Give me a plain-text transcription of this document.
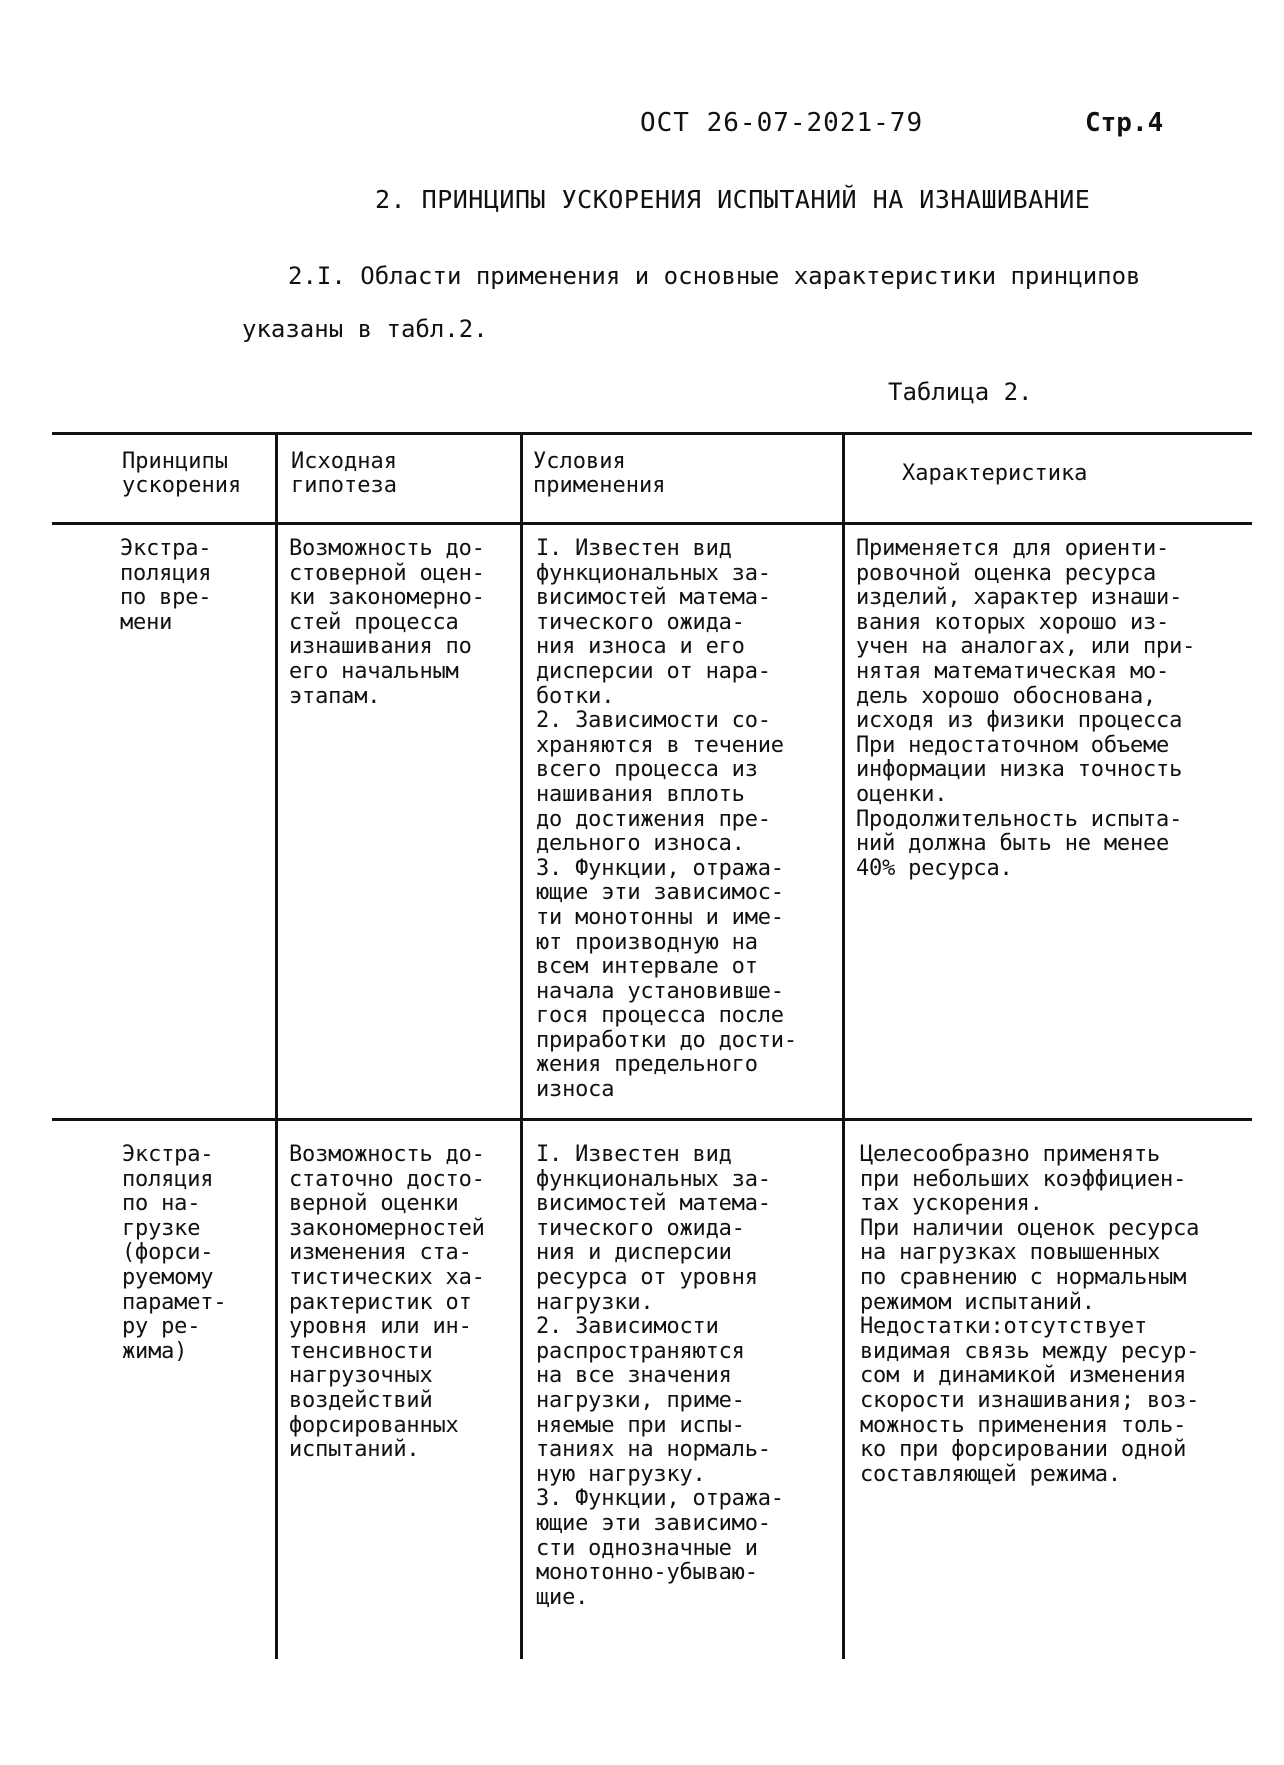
ОСТ 26-07-2021-79	Стр.4
2. ПРИНЦИПЫ УСКОРЕНИЯ ИСПЫТАНИЙ НА ИЗНАШИВАНИЕ
2.I. Области применения и основные характеристики принципов
указаны в табл.2.
Таблица 2.
Принципы
ускорения
Исходная
гипотеза
Условия
применения	Характеристика
Экстра-
поляция
по вре-
мени
Возможность до-
стоверной оцен-
ки закономерно-
стей процесса
изнашивания по
его начальным
этапам.
I. Известен вид
функциональных за-
висимостей матема-
тического ожида-
ния износа и его
дисперсии от нара-
ботки.
2. Зависимости со-
храняются в течение
всего процесса из
нашивания вплоть
до достижения пре-
дельного износа.
3. Функции, отража-
ющие эти зависимос-
ти монотонны и име-
ют производную на
всем интервале от
начала установивше-
гося процесса после
приработки до дости-
жения предельного
износа
Применяется для ориенти-
ровочной оценка ресурса
изделий, характер изнаши-
вания которых хорошо из-
учен на аналогах, или при-
нятая математическая мо-
дель хорошо обоснована,
исходя из физики процесса
При недостаточном объеме
информации низка точность
оценки.
Продолжительность испыта-
ний должна быть не менее
40% ресурса.
Экстра-
поляция
по на-
грузке
(форси-
руемому
парамет-
ру ре-
жима)
Возможность до-
статочно досто-
верной оценки
закономерностей
изменения ста-
тистических ха-
рактеристик от
уровня или ин-
тенсивности
нагрузочных
воздействий
форсированных
испытаний.
I. Известен вид
функциональных за-
висимостей матема-
тического ожида-
ния и дисперсии
ресурса от уровня
нагрузки.
2. Зависимости
распространяются
на все значения
нагрузки, приме-
няемые при испы-
таниях на нормаль-
ную нагрузку.
3. Функции, отража-
ющие эти зависимо-
сти однозначные и
монотонно-убываю-
щие.
Целесообразно применять
при небольших коэффициен-
тах ускорения.
При наличии оценок ресурса
на нагрузках повышенных
по сравнению с нормальным
режимом испытаний.
Недостатки:отсутствует
видимая связь между ресур-
сом и динамикой изменения
скорости изнашивания; воз-
можность применения толь-
ко при форсировании одной
составляющей режима.
